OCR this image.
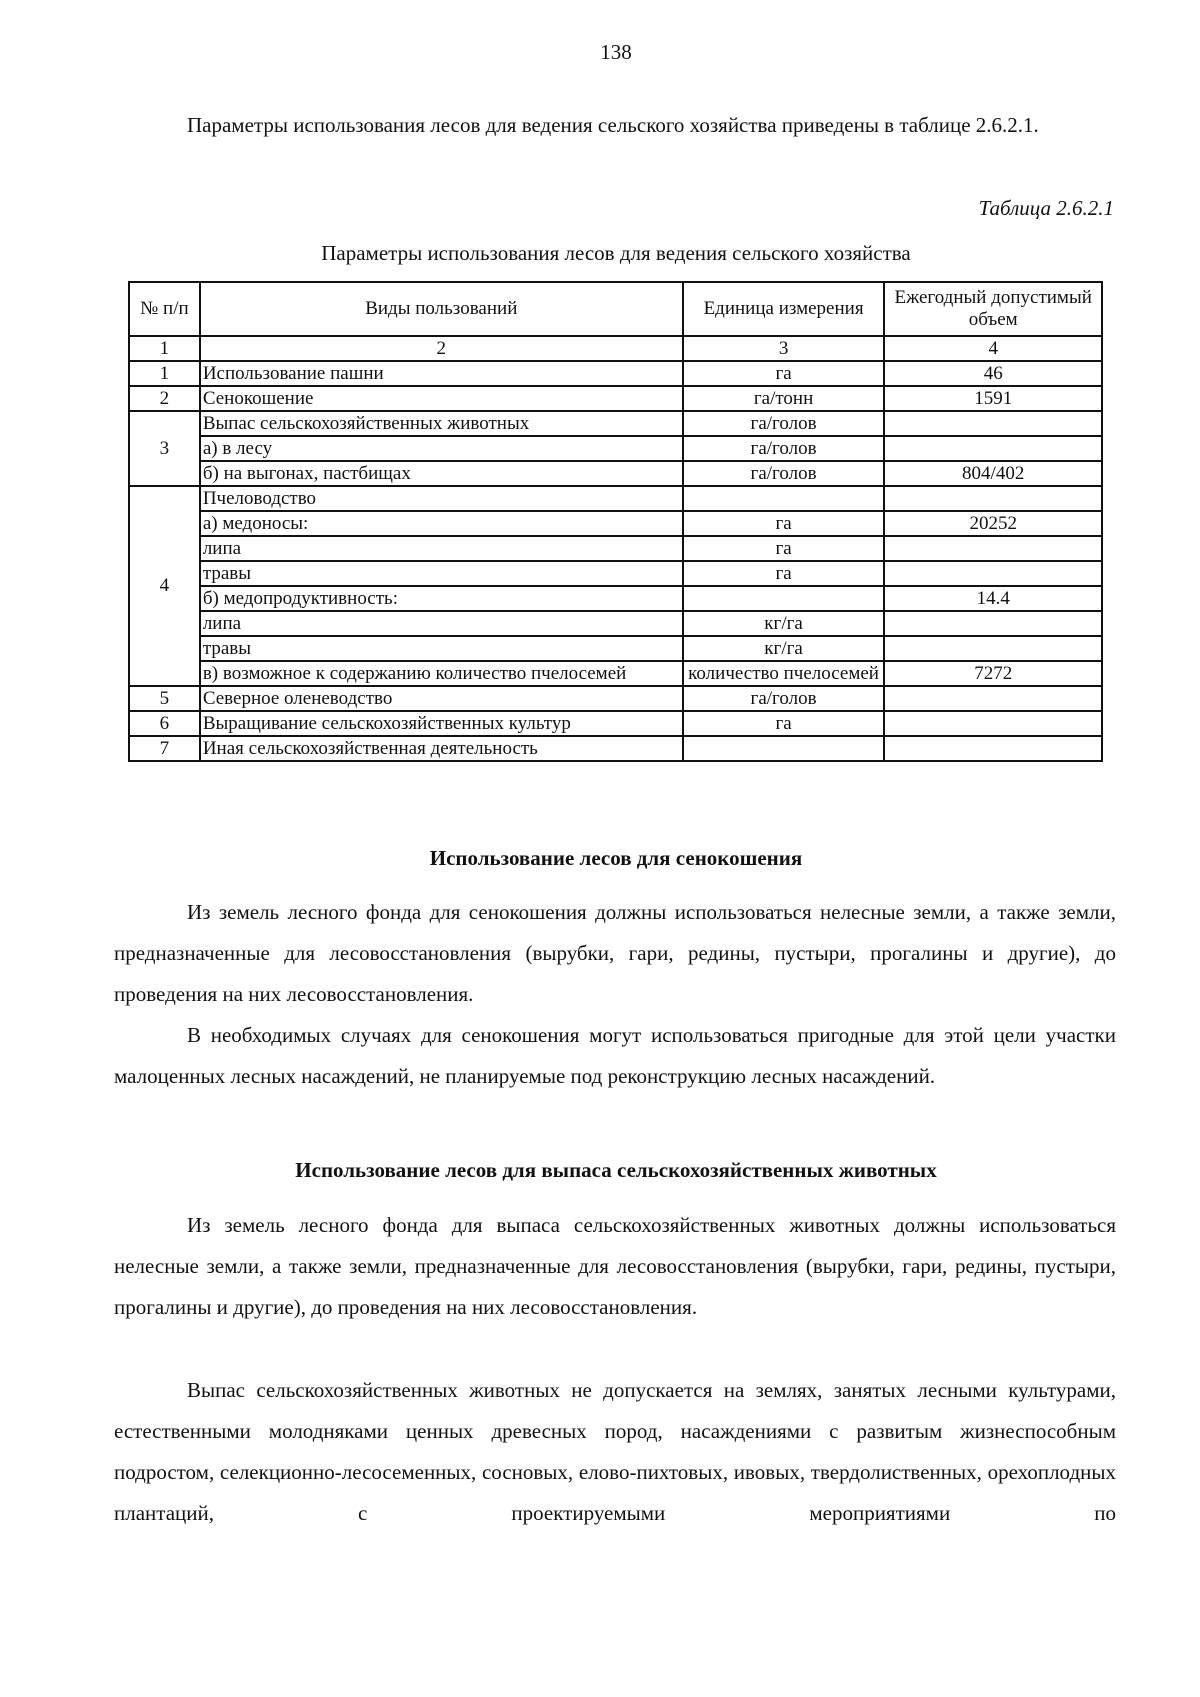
138

Параметры использования лесов для ведения сельского хозяйства приведены в таблице 2.6.2.1.

Таблица 2.6.2.1
Параметры использования лесов для ведения сельского хозяйства
№ п/п	Виды пользований	Единица измерения	Ежегодный допустимый объем
1	2	3	4
1	Использование пашни	га	46
2	Сенокошение	га/тонн	1591
3	Выпас сельскохозяйственных животных	га/голов	
	а) в лесу	га/голов	
	б) на выгонах, пастбищах	га/голов	804/402
4	Пчеловодство		
	а) медоносы:	га	20252
	липа	га	
	травы	га	
	б) медопродуктивность:		14.4
	липа	кг/га	
	травы	кг/га	
	в) возможное к содержанию количество пчелосемей	количество пчелосемей	7272
5	Северное оленеводство	га/голов	
6	Выращивание сельскохозяйственных культур	га	
7	Иная сельскохозяйственная деятельность		
Использование лесов для сенокошения

Из земель лесного фонда для сенокошения должны использоваться нелесные земли, а также земли, предназначенные для лесовосстановления (вырубки, гари, редины, пустыри, прогалины и другие), до проведения на них лесовосстановления.

В необходимых случаях для сенокошения могут использоваться пригодные для этой цели участки малоценных лесных насаждений, не планируемые под реконструкцию лесных насаждений.

Использование лесов для выпаса сельскохозяйственных животных

Из земель лесного фонда для выпаса сельскохозяйственных животных должны использоваться нелесные земли, а также земли, предназначенные для лесовосстановления (вырубки, гари, редины, пустыри, прогалины и другие), до проведения на них лесовосстановления.

Выпас сельскохозяйственных животных не допускается на землях, занятых лесными культурами, естественными молодняками ценных древесных пород, насаждениями с развитым жизнеспособным подростом, селекционно-лесосеменных, сосновых, елово-пихтовых, ивовых, твердолиственных, орехоплодных плантаций, с проектируемыми мероприятиями по
